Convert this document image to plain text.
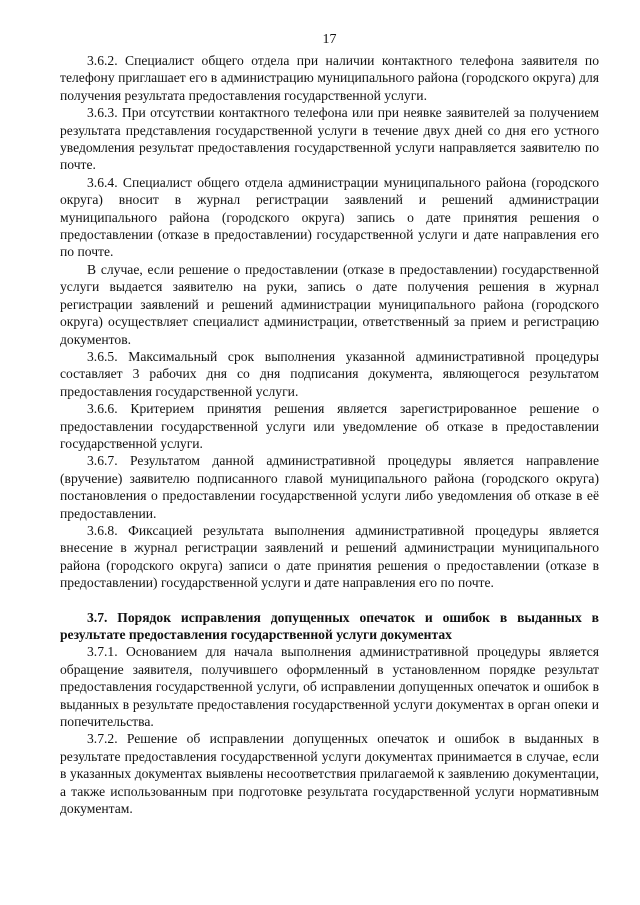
17

3.6.2. Специалист общего отдела при наличии контактного телефона заявителя по телефону приглашает его в администрацию муниципального района (городского округа) для получения результата предоставления государственной услуги.

3.6.3. При отсутствии контактного телефона или при неявке заявителей за получением результата представления государственной услуги в течение двух дней со дня его устного уведомления результат предоставления государственной услуги направляется заявителю по почте.

3.6.4. Специалист общего отдела администрации муниципального района (городского округа) вносит в журнал регистрации заявлений и решений администрации муниципального района (городского округа) запись о дате принятия решения о предоставлении (отказе в предоставлении) государственной услуги и дате направления его по почте.

В случае, если решение о предоставлении (отказе в предоставлении) государственной услуги выдается заявителю на руки, запись о дате получения решения в журнал регистрации заявлений и решений администрации муниципального района (городского округа) осуществляет специалист администрации, ответственный за прием и регистрацию документов.

3.6.5. Максимальный срок выполнения указанной административной процедуры составляет 3 рабочих дня со дня подписания документа, являющегося результатом предоставления государственной услуги.

3.6.6. Критерием принятия решения является зарегистрированное решение о предоставлении государственной услуги или уведомление об отказе в предоставлении государственной услуги.

3.6.7. Результатом данной административной процедуры является направление (вручение) заявителю подписанного главой муниципального района (городского округа) постановления о предоставлении государственной услуги либо уведомления об отказе в её предоставлении.

3.6.8. Фиксацией результата выполнения административной процедуры является внесение в журнал регистрации заявлений и решений администрации муниципального района (городского округа) записи о дате принятия решения о предоставлении (отказе в предоставлении) государственной услуги и дате направления его по почте.

3.7. Порядок исправления допущенных опечаток и ошибок в выданных в результате предоставления государственной услуги документах

3.7.1. Основанием для начала выполнения административной процедуры является обращение заявителя, получившего оформленный в установленном порядке результат предоставления государственной услуги, об исправлении допущенных опечаток и ошибок в выданных в результате предоставления государственной услуги документах в орган опеки и попечительства.

3.7.2. Решение об исправлении допущенных опечаток и ошибок в выданных в результате предоставления государственной услуги документах принимается в случае, если в указанных документах выявлены несоответствия прилагаемой к заявлению документации, а также использованным при подготовке результата государственной услуги нормативным документам.
